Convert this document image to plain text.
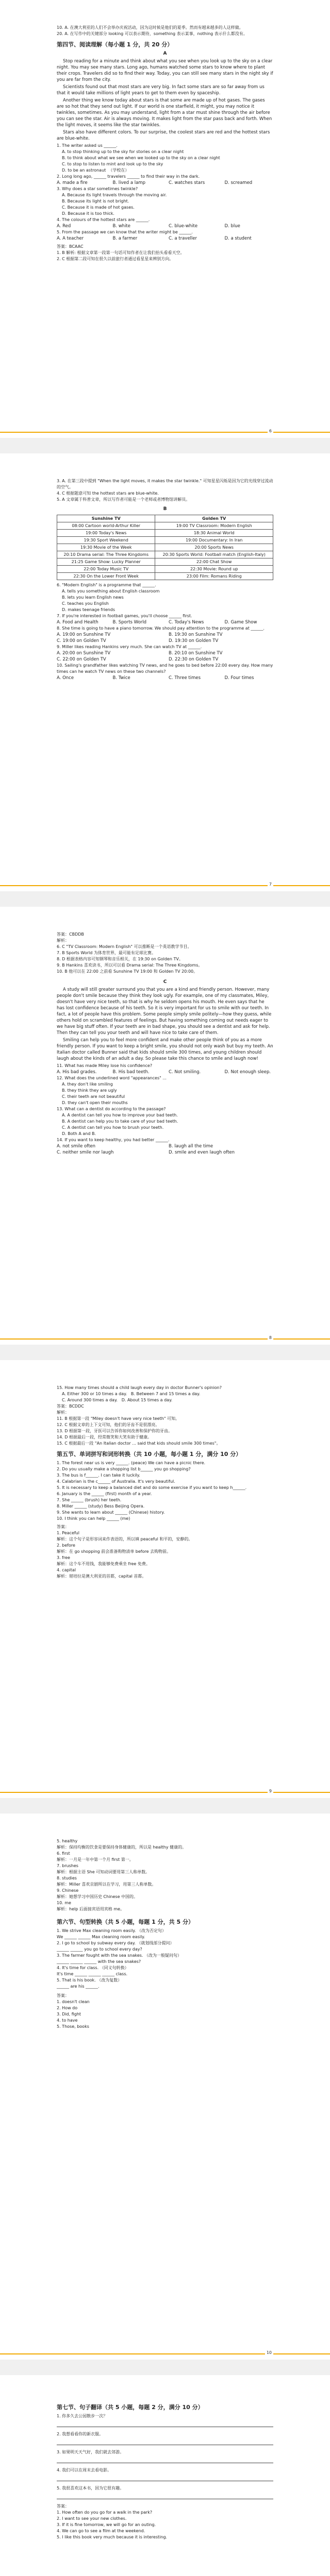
10. A. 在澳大利亚的人们不会举办庆祝活动，因为这时候是他们的夏季。然而有越来越多的人这样做。

20. A. 在写作中的关键部分 looking 可以表示期待，something 表示某事，nothing 表示什么都没有。

第四节、阅读理解（每小题 1 分，共 20 分）
A

Stop reading for a minute and think about what you see when you look up to the sky on a clear night. You may see many stars. Long ago, humans watched some stars to know where to plant their crops. Travelers did so to find their way. Today, you can still see many stars in the night sky if you are far from the city.

Scientists found out that most stars are very big. In fact some stars are so far away from us that it would take millions of light years to get to them even by spaceship.

Another thing we know today about stars is that some are made up of hot gases. The gases are so hot that they send out light. If our world is one starfield, it might, you may notice it twinkles, sometimes. As you may understand, light from a star must shine through the air before you can see the star. Air is always moving. It makes light from the star pass back and forth. When the light moves, it seems like the star twinkles.

Stars also have different colors. To our surprise, the coolest stars are red and the hottest stars are blue-white.

1. The writer asked us ______.

A. to stop thinking up to the sky for stories on a clear night

B. to think about what we see when we looked up to the sky on a clear night

C. to stop to listen to mint and look up to the sky

D. to be an astronaut  （学校在）

2. Long long ago, ______ travelers ______ to find their way in the dark.

A. made a fire	B. lived a lamp	C. watches stars	D. screamed

3. Why does a star sometimes twinkle?

A. Because its light travels through the moving air.

B. Because its light is not bright.

C. Because it is made of hot gases.

D. Because it is too thick.

4. The colours of the hottest stars are ______.

A. Red	B. white	C. blue-white	D. blue

5. From the passage we can know that the writer might be ______.

A. A teacher	B. a farmer	C. a traveller	D. a student

答案：BCAAC

1. B 解析: 根据文章第一段第一句话可知作者在让我们抬头看看天空。

2. C 根据第二段可知在很久以前旅行者通过看星星来辨别方向。

6

3. A. 在第三段中提到 "When the light moves, it makes the star twinkle." 可知星星闪烁是因为它的光线穿过流动的空气。

4. C 根据题意可知 the hottest stars are blue-white.

5. A 文章属于科普文章，所以写作者可能是一个老师或者博物馆讲解员。

B
Sunshine TV	Golden TV
08:00 Cartoon world-Arthur Killer	19:00 TV Classroom: Modern English
19:00 Today's News	18:30 Animal World
19:30 Sport Weekend	19:00 Documentary: In Iran
19:30 Movie of the Week	20:00 Sports News
20:10 Drama serial: The Three Kingdoms	20:30 Sports World: Football match (English-Italy)
21:25 Game Show: Lucky Planner	22:00 Chat Show
22:00 Today Music TV	22:30 Movie: Round up
22:30 On the Lower Front Week	23:00 Film: Romans Riding

6. "Modern English" is a programme that ______.

A. tells you something about English classroom

B. lets you learn English news

C. teaches you English

D. makes teenage friends

7. If you're interested in football games, you'll choose ______ first.

A. Food and Health	B. Sports World	C. Today's News	D. Game Show

8. She time is going to have a piano tomorrow. We should pay attention to the programme at ______.

A. 19:00 on Sunshine TV	B. 19:30 on Sunshine TV
C. 19:00 on Golden TV	D. 19:30 on Golden TV

9. Miller likes reading Hankins very much. She can watch TV at ______.

A. 20:00 on Sunshine TV	B. 20:10 on Sunshine TV
C. 22:00 on Golden TV	D. 22:30 on Golden TV

10. Sailing's grandfather likes watching TV news, and he goes to bed before 22:00 every day. How many times can he watch TV news on these two channels?

A. Once	B. Twice	C. Three times	D. Four times
7

答案：CBDDB

解析：

6. C "TV Classroom: Modern English" 可以推断是一个英语教学节目。

7. B Sports World 为体育世界，最可能有足球比赛。

8. D 根据表格内容可知钢琴和音乐相关，在 19:30 on Golden TV。

9. B Hankins 喜欢读书，所以可以看 Drama serial: The Three Kingdoms。

10. B 他可以在 22:00 之前看 Sunshine TV 19:00 和 Golden TV 20:00。

C

A study will still greater surround you that you are a kind and friendly person. However, many people don't smile because they think they look ugly. For example, one of my classmates, Miley, doesn't have very nice teeth, so that is why he seldom opens his mouth. He even says that he has lost confidence because of his teeth. So it is very important for us to smile with our teeth. In fact, a lot of people have this problem. Some people simply smile politely—how they guess, while others hold on scrambled features of feelings. But having something coming out needs eager to we have big stuff often. If your teeth are in bad shape, you should see a dentist and ask for help. Then they can tell you your teeth and will have nice to take care of them.

Smiling can help you to feel more confident and make other people think of you as a more friendly person. If you want to keep a bright smile, you should not only wash but buy my teeth. An Italian doctor called Bunner said that kids should smile 300 times, and young children should laugh about the kinds of an adult a day. So please take this chance to smile and laugh now!

11. What has made Miley lose his confidence?

A. His bad grades.	B. His bad teeth.	C. Not smiling.	D. Not enough sleep.

12. What does the underlined word "appearances" ...

A. they don't like smiling

B. they think they are ugly

C. their teeth are not beautiful

D. they can't open their mouths

13. What can a dentist do according to the passage?

A. A dentist can tell you how to improve your bad teeth.

B. A dentist can help you to take care of your bad teeth.

C. A dentist can tell you how to brush your teeth.

D. Both A and B.

14. If you want to keep healthy, you had better ______.

A. not smile often	B. laugh all the time
C. neither smile nor laugh	D. smile and even laugh often
8

15. How many times should a child laugh every day in doctor Bunner's opinion?

A. Either 300 or 10 times a day.   B. Between 7 and 15 times a day.

C. Around 300 times a day.   D. About 15 times a day.

答案：BCDDC

解析：

11. B 根据第一段 "Miley doesn't have very nice teeth" 可知。

12. C 根据文章的上下文可知，他们的牙齿不是很漂亮。

13. D 根据第一段，牙医可以告诉你如何改善和保护你的牙齿。

14. D 根据最后一段，经常微笑和大笑有助于健康。

15. C 根据最后一段 "An Italian doctor ... said that kids should smile 300 times"。

第五节、单词拼写和词形转换（共 10 小题，每小题 1 分，满分 10 分）

1. The forest near us is very ______. (peace) We can have a picnic there.

2. Do you usually make a shopping list b______ you go shopping?

3. The bus is f______. I can take it luckily.

4. Calabrian is the c______ of Australia. It's very beautiful.

5. It is necessary to keep a balanced diet and do some exercise if you want to keep h______.

6. January is the ______ (first) month of a year.

7. She ______ (brush) her teeth.

8. Miller ______ (study) Bess Beijing Opera.

9. She wants to learn about ______ (Chinese) history.

10. I think you can help ______ (me)

答案：

1. Peaceful

解析：这个句子是形容词来作表语的，所以填 peaceful 和平的，安静的。

2. before

解析：在 go shopping 前会准备购物清单 before 去购物前。

3. free

解析：这个车不用钱，我能够免费乘坐 free 免费。

4. capital

解析：堪培拉是澳大利亚的首都，capital 首都。

9

5. healthy

解析：保持均衡的饮食是要保持身体健康的，所以是 healthy 健康的。

6. first

解析：一月是一年中第一个月 first 第一。

7. brushes

解析：根据主语 She 可知动词要用第三人称单数。

8. studies

解析：Miller 喜欢京剧所以在学习，用第三人称单数。

9. Chinese

解析：她想学习中国历史 Chinese 中国的。

10. me

解析：help 后面接宾语用宾格 me。

第六节、句型转换（共 5 小题，每题 1 分，共 5 分）

1. We strive Max cleaning room easily. （改为否定句）

We ______ ______ Max cleaning room easily.

2. I go to school by subway every day. （就划线部分提问）

______ ______ you go to school every day?

3. The farmer fought with the sea snakes. （改为一般疑问句）

______ ______ ______ with the sea snakes?

4. It's time for class. （同义句转换）

It's time ______ ______ ______ class.

5. That is his book. （改为复数）

______ are his ______.

答案：

1. doesn't clean

2. How do

3. Did, fight

4. to have

5. Those, books

10
第七节、句子翻译（共 5 小题，每题 2 分，满分 10 分）

1. 你多久去公园散步一次？

2. 我想看看你的新衣服。

3. 如果明天天气好，我们就去郊游。

4. 我们可以在周末去看电影。

5. 我很喜欢这本书，因为它很有趣。

答案：

1. How often do you go for a walk in the park?

2. I want to see your new clothes.

3. If it is fine tomorrow, we will go for an outing.

4. We can go to see a film at the weekend.

5. I like this book very much because it is interesting.
